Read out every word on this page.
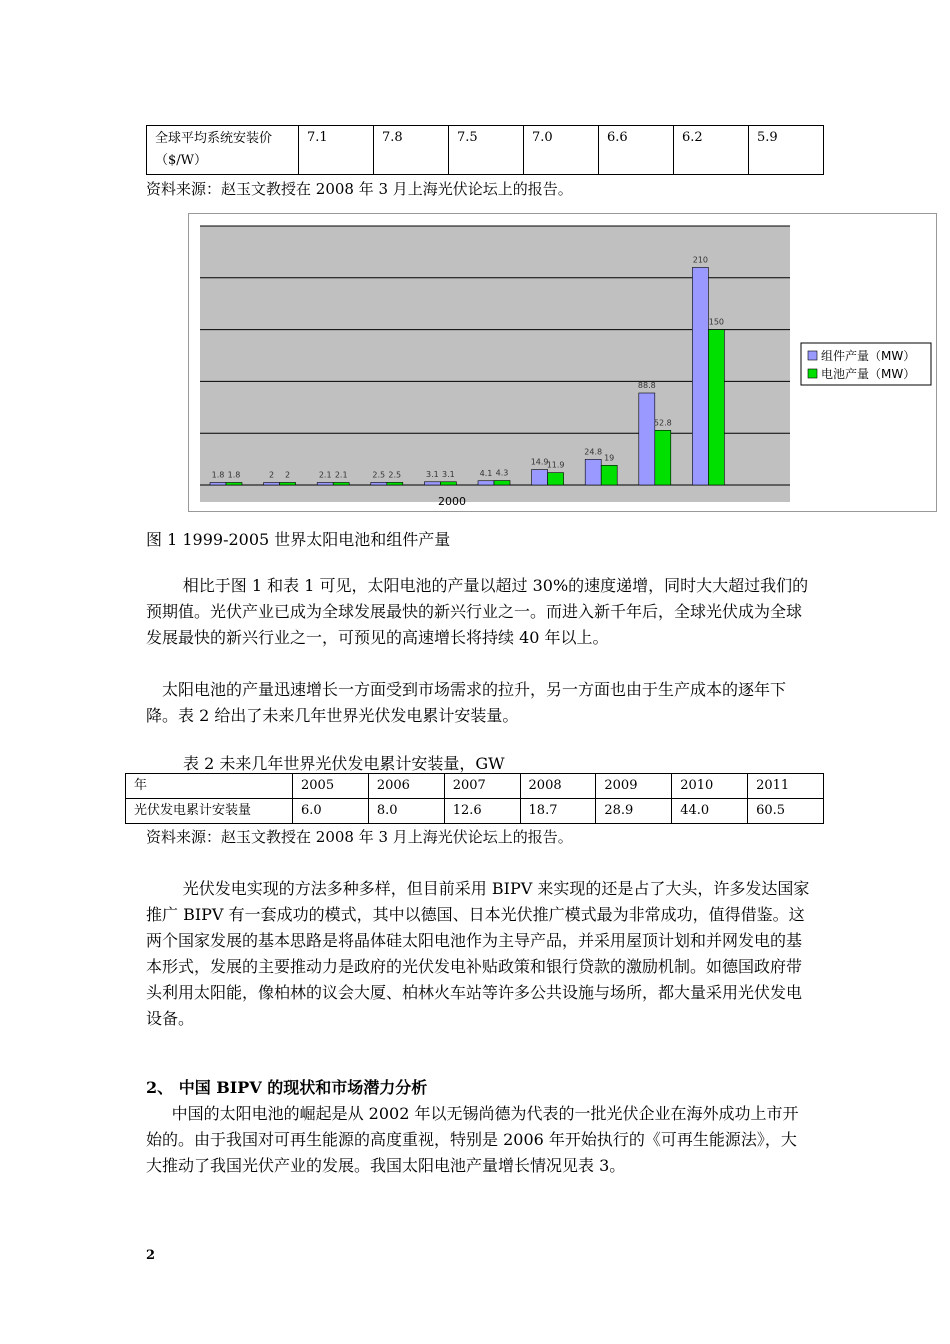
全球平均系统安装价
（$/W）
	7.1	7.8	7.5	7.0	6.6	6.2	5.9
资料来源：赵玉文教授在 2008 年 3 月上海光伏论坛上的报告。
1.8 1.8	2 2	2.1 2.1	2.5 2.5	3.1 3.1	4.1 4.3
14.9
11.9
24.8
19
88.8
52.8
210
150
2000
组件产量（MW）
电池产量（MW）
图 1 1999-2005 世界太阳电池和组件产量
相比于图 1 和表 1 可见，太阳电池的产量以超过 30%的速度递增，同时大大超过我们的预期值。光伏产业已成为全球发展最快的新兴行业之一。而进入新千年后，全球光伏成为全球发展最快的新兴行业之一，可预见的高速增长将持续 40 年以上。
太阳电池的产量迅速增长一方面受到市场需求的拉升，另一方面也由于生产成本的逐年下降。表 2 给出了未来几年世界光伏发电累计安装量。
表 2 未来几年世界光伏发电累计安装量，GW
年	2005	2006	2007	2008	2009	2010	2011
光伏发电累计安装量	6.0	8.0	12.6	18.7	28.9	44.0	60.5
资料来源：赵玉文教授在 2008 年 3 月上海光伏论坛上的报告。
光伏发电实现的方法多种多样，但目前采用 BIPV 来实现的还是占了大头，许多发达国家推广 BIPV 有一套成功的模式，其中以德国、日本光伏推广模式最为非常成功，值得借鉴。这两个国家发展的基本思路是将晶体硅太阳电池作为主导产品，并采用屋顶计划和并网发电的基本形式，发展的主要推动力是政府的光伏发电补贴政策和银行贷款的激励机制。如德国政府带头利用太阳能，像柏林的议会大厦、柏林火车站等许多公共设施与场所，都大量采用光伏发电设备。
2、 中国 BIPV 的现状和市场潜力分析
中国的太阳电池的崛起是从 2002 年以无锡尚德为代表的一批光伏企业在海外成功上市开始的。由于我国对可再生能源的高度重视，特别是 2006 年开始执行的《可再生能源法》，大大推动了我国光伏产业的发展。我国太阳电池产量增长情况见表 3。
2
